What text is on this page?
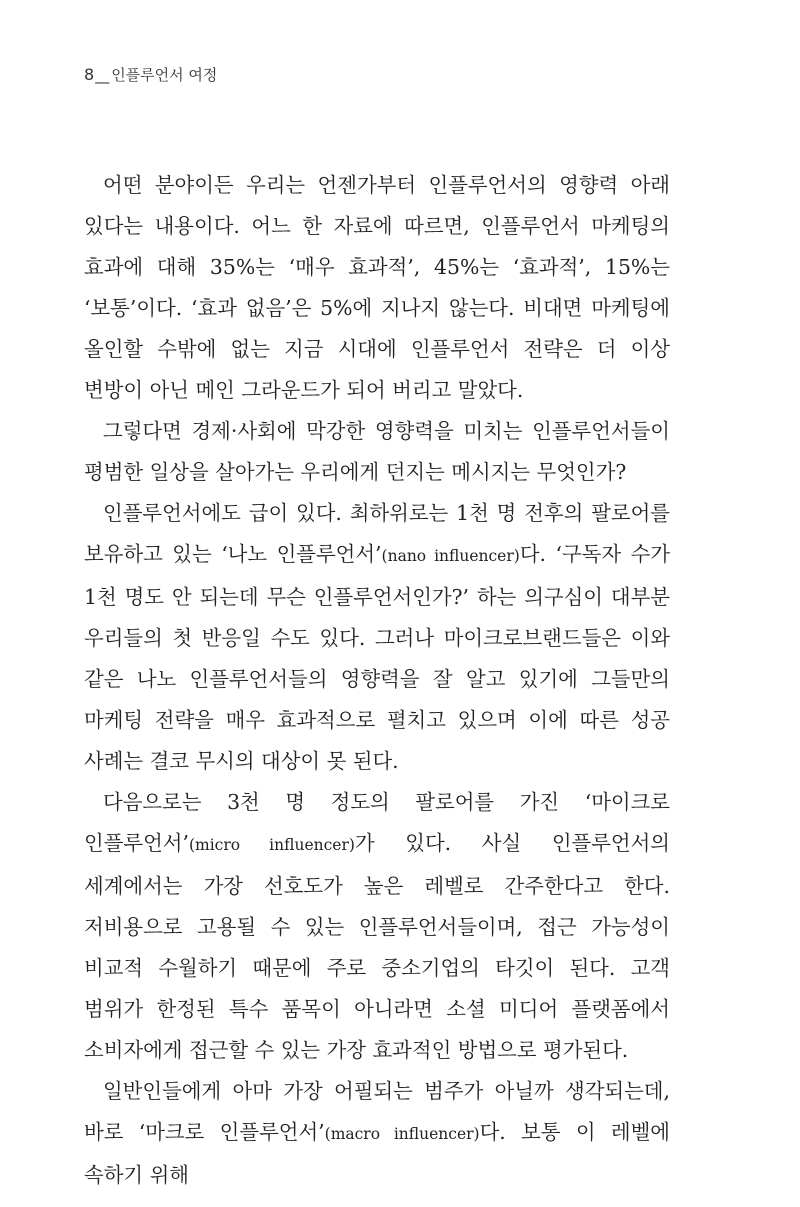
8__ 인플루언서 여정

어떤 분야이든 우리는 언젠가부터 인플루언서의 영향력 아래 있다는 내용이다. 어느 한 자료에 따르면, 인플루언서 마케팅의 효과에 대해 35%는 ‘매우 효과적’, 45%는 ‘효과적’, 15%는 ‘보통’이다. ‘효과 없음’은 5%에 지나지 않는다. 비대면 마케팅에 올인할 수밖에 없는 지금 시대에 인플루언서 전략은 더 이상 변방이 아닌 메인 그라운드가 되어 버리고 말았다.

그렇다면 경제·사회에 막강한 영향력을 미치는 인플루언서들이 평범한 일상을 살아가는 우리에게 던지는 메시지는 무엇인가?

인플루언서에도 급이 있다. 최하위로는 1천 명 전후의 팔로어를 보유하고 있는 ‘나노 인플루언서’(nano influencer)다. ‘구독자 수가 1천 명도 안 되는데 무슨 인플루언서인가?’ 하는 의구심이 대부분 우리들의 첫 반응일 수도 있다. 그러나 마이크로브랜드들은 이와 같은 나노 인플루언서들의 영향력을 잘 알고 있기에 그들만의 마케팅 전략을 매우 효과적으로 펼치고 있으며 이에 따른 성공 사례는 결코 무시의 대상이 못 된다.

다음으로는 3천 명 정도의 팔로어를 가진 ‘마이크로 인플루언서’(micro influencer)가 있다. 사실 인플루언서의 세계에서는 가장 선호도가 높은 레벨로 간주한다고 한다. 저비용으로 고용될 수 있는 인플루언서들이며, 접근 가능성이 비교적 수월하기 때문에 주로 중소기업의 타깃이 된다. 고객 범위가 한정된 특수 품목이 아니라면 소셜 미디어 플랫폼에서 소비자에게 접근할 수 있는 가장 효과적인 방법으로 평가된다.

일반인들에게 아마 가장 어필되는 범주가 아닐까 생각되는데, 바로 ‘마크로 인플루언서’(macro influencer)다. 보통 이 레벨에 속하기 위해
